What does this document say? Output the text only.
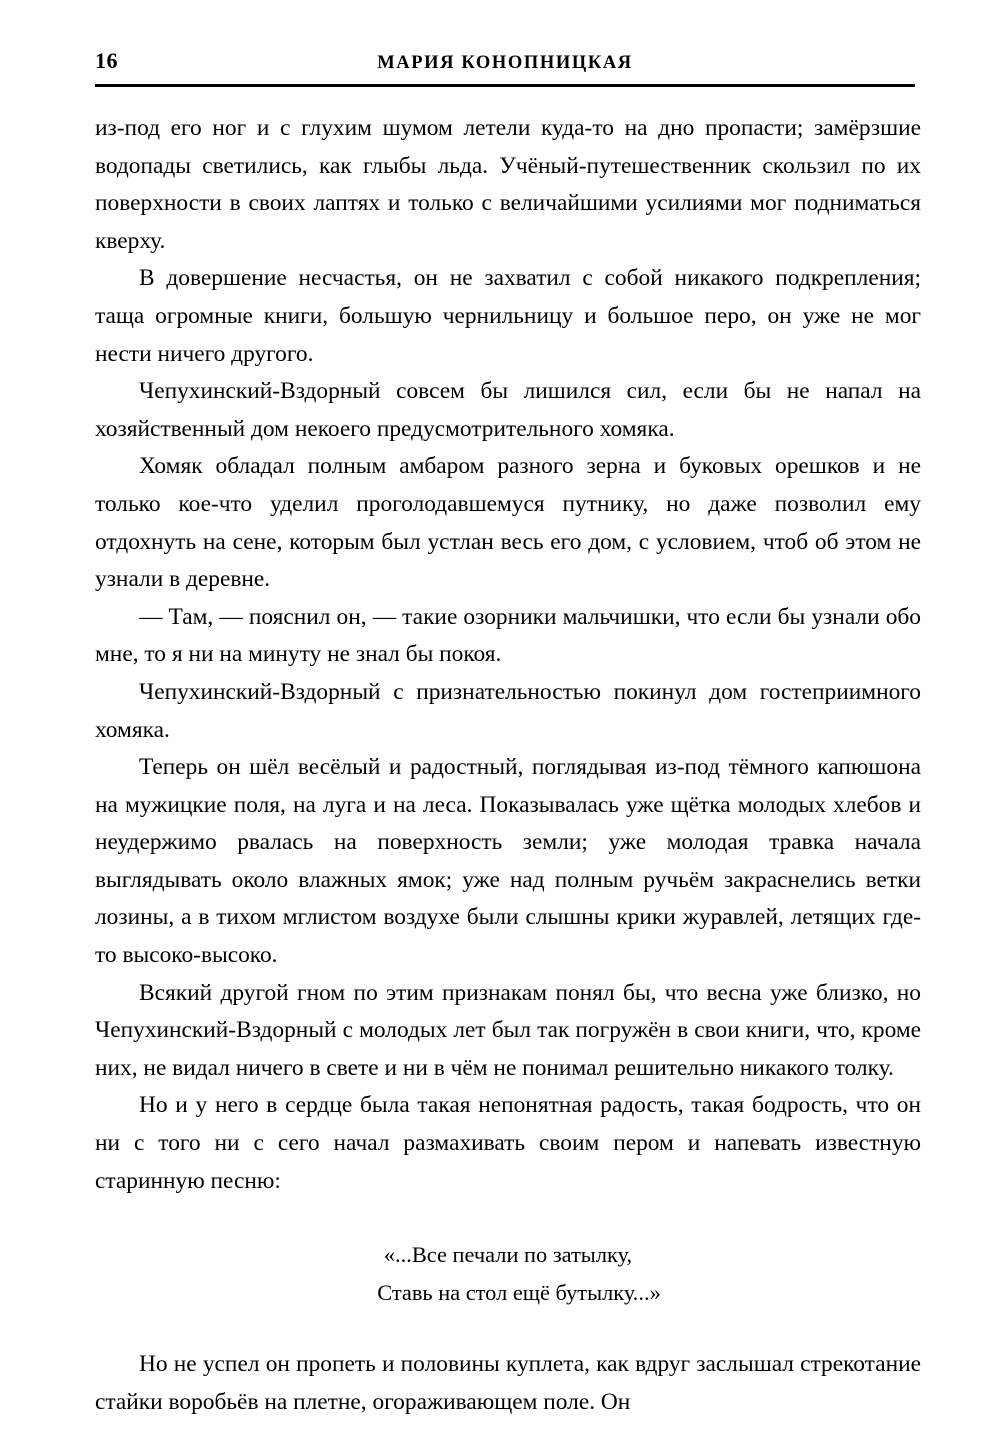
16	МАРИЯ КОНОПНИЦКАЯ

из-под его ног и с глухим шумом летели куда-то на дно пропасти; замёрзшие водопады светились, как глыбы льда. Учёный-путешественник скользил по их поверхности в своих лаптях и только с величайшими усилиями мог подниматься кверху.

В довершение несчастья, он не захватил с собой никакого подкрепления; таща огромные книги, большую чернильницу и большое перо, он уже не мог нести ничего другого.

Чепухинский-Вздорный совсем бы лишился сил, если бы не напал на хозяйственный дом некоего предусмотрительного хомяка.

Хомяк обладал полным амбаром разного зерна и буковых орешков и не только кое-что уделил проголодавшемуся путнику, но даже позволил ему отдохнуть на сене, которым был устлан весь его дом, с условием, чтоб об этом не узнали в деревне.

— Там, — пояснил он, — такие озорники мальчишки, что если бы узнали обо мне, то я ни на минуту не знал бы покоя.

Чепухинский-Вздорный с признательностью покинул дом гостеприимного хомяка.

Теперь он шёл весёлый и радостный, поглядывая из-под тёмного капюшона на мужицкие поля, на луга и на леса. Показывалась уже щётка молодых хлебов и неудержимо рвалась на поверхность земли; уже молодая травка начала выглядывать около влажных ямок; уже над полным ручьём закраснелись ветки лозины, а в тихом мглистом воздухе были слышны крики журавлей, летящих где-то высоко-высоко.

Всякий другой гном по этим признакам понял бы, что весна уже близко, но Чепухинский-Вздорный с молодых лет был так погружён в свои книги, что, кроме них, не видал ничего в свете и ни в чём не понимал решительно никакого толку.

Но и у него в сердце была такая непонятная радость, такая бодрость, что он ни с того ни с сего начал размахивать своим пером и напевать известную старинную песню:

«...Все печали по затылку,
Ставь на стол ещё бутылку...»

Но не успел он пропеть и половины куплета, как вдруг заслышал стрекотание стайки воробьёв на плетне, огораживающем поле. Он
